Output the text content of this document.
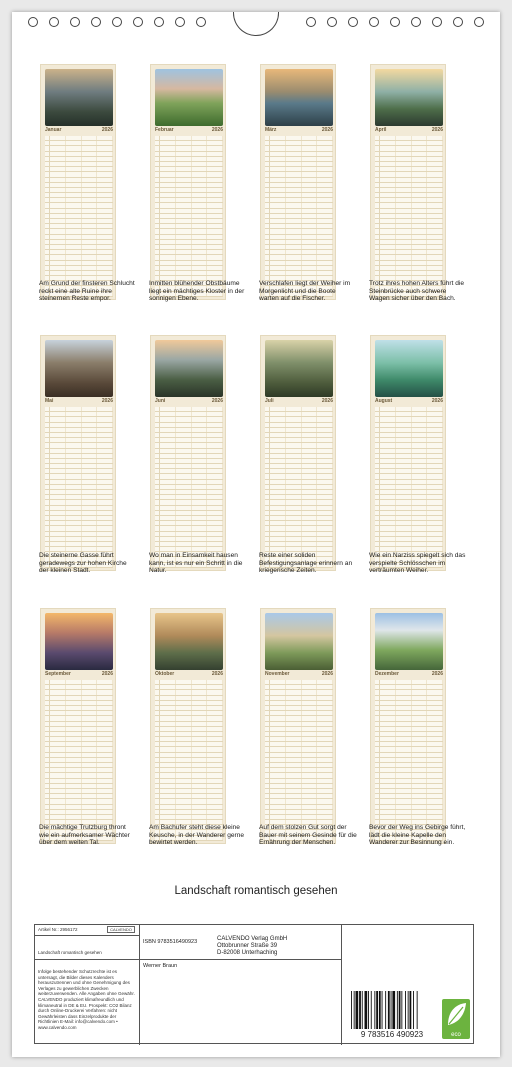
Januar	2026
Am Grund der finsteren Schlucht reckt eine alte Ruine ihre steinernen Reste empor.
Februar	2026
Inmitten blühender Obstbäume liegt ein mächtiges Kloster in der sonnigen Ebene.
März	2026
Verschlafen liegt der Weiher im Morgenlicht und die Boote warten auf die Fischer.
April	2026
Trotz ihres hohen Alters führt die Steinbrücke auch schwere Wagen sicher über den Bach.
Mai	2026
Die steinerne Gasse führt geradewegs zur hohen Kirche der kleinen Stadt.
Juni	2026
Wo man in Einsamkeit hausen kann, ist es nur ein Schritt in die Natur.
Juli	2026
Reste einer soliden Befestigungsanlage erinnern an kriegerische Zeiten.
August	2026
Wie ein Narziss spiegelt sich das verspielte Schlösschen im verträumten Weiher.
September	2026
Die mächtige Trutzburg thront wie ein aufmerksamer Wächter über dem weiten Tal.
Oktober	2026
Am Bachufer steht diese kleine Keusche, in der Wanderer gerne bewirtet werden.
November	2026
Auf dem stolzen Gut sorgt der Bauer mit seinem Gesinde für die Ernährung der Menschen.
Dezember	2026
Bevor der Weg ins Gebirge führt, lädt die kleine Kapelle den Wanderer zur Besinnung ein.
Landschaft romantisch gesehen
Artikel Nr.: 2956172	CALVENDO
Landschaft romantisch gesehen
Infolge bestehender Schutzrechte ist es untersagt, die Bilder dieses Kalenders herauszutrennen und ohne Genehmigung des Verlages zu gewerblichen Zwecken weiterzuverwenden. Alle Angaben ohne Gewähr. CALVENDO produziert klimafreundlich und klimaneutral in DE & EU. Prospekt: CO2 Bilanz durch Online-Druckerei Verfahren: nicht Gewährleisten dass Einzelprodukte der Richtlinien E-Mail: info@calvendo.com • www.calvendo.com
ISBN 9783516490923
Werner Braun
CALVENDO Verlag GmbH
Ottobrunner Straße 39
D-82008 Unterhaching
9 783516 490923	eco
